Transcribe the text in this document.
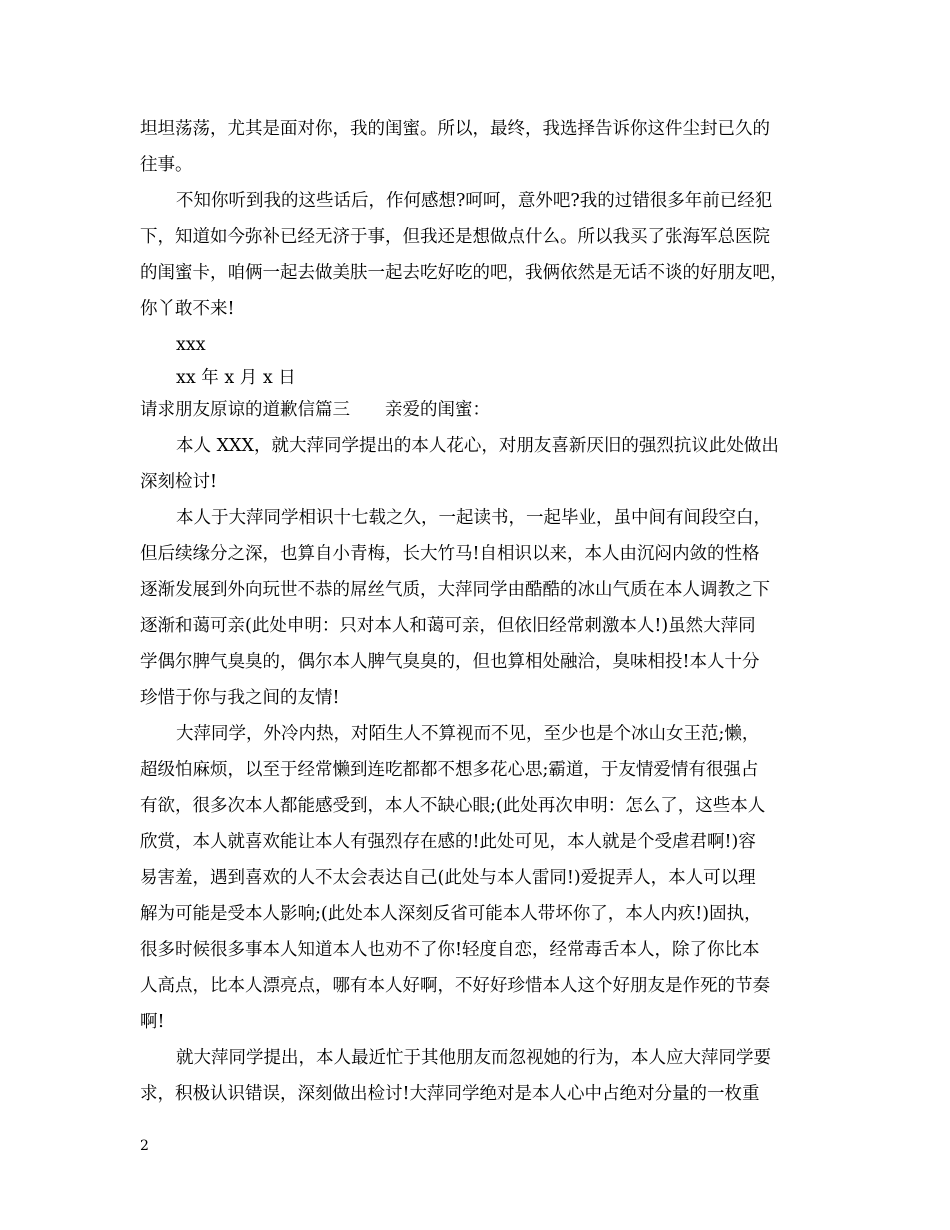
坦坦荡荡，尤其是面对你，我的闺蜜。所以，最终，我选择告诉你这件尘封已久的
往事。
不知你听到我的这些话后，作何感想?呵呵，意外吧?我的过错很多年前已经犯
下，知道如今弥补已经无济于事，但我还是想做点什么。所以我买了张海军总医院
的闺蜜卡，咱俩一起去做美肤一起去吃好吃的吧，我俩依然是无话不谈的好朋友吧，
你丫敢不来!
xxx
xx 年 x 月 x 日
请求朋友原谅的道歉信篇三　　亲爱的闺蜜：
本人 XXX，就大萍同学提出的本人花心，对朋友喜新厌旧的强烈抗议此处做出
深刻检讨!
本人于大萍同学相识十七载之久，一起读书，一起毕业，虽中间有间段空白，
但后续缘分之深，也算自小青梅，长大竹马!自相识以来，本人由沉闷内敛的性格
逐渐发展到外向玩世不恭的屌丝气质，大萍同学由酷酷的冰山气质在本人调教之下
逐渐和蔼可亲(此处申明：只对本人和蔼可亲，但依旧经常刺激本人!)虽然大萍同
学偶尔脾气臭臭的，偶尔本人脾气臭臭的，但也算相处融洽，臭味相投!本人十分
珍惜于你与我之间的友情!
大萍同学，外冷内热，对陌生人不算视而不见，至少也是个冰山女王范;懒，
超级怕麻烦，以至于经常懒到连吃都都不想多花心思;霸道，于友情爱情有很强占
有欲，很多次本人都能感受到，本人不缺心眼;(此处再次申明：怎么了，这些本人
欣赏，本人就喜欢能让本人有强烈存在感的!此处可见，本人就是个受虐君啊!)容
易害羞，遇到喜欢的人不太会表达自己(此处与本人雷同!)爱捉弄人，本人可以理
解为可能是受本人影响;(此处本人深刻反省可能本人带坏你了，本人内疚!)固执，
很多时候很多事本人知道本人也劝不了你!轻度自恋，经常毒舌本人，除了你比本
人高点，比本人漂亮点，哪有本人好啊，不好好珍惜本人这个好朋友是作死的节奏
啊!
就大萍同学提出，本人最近忙于其他朋友而忽视她的行为，本人应大萍同学要
求，积极认识错误，深刻做出检讨!大萍同学绝对是本人心中占绝对分量的一枚重
2
